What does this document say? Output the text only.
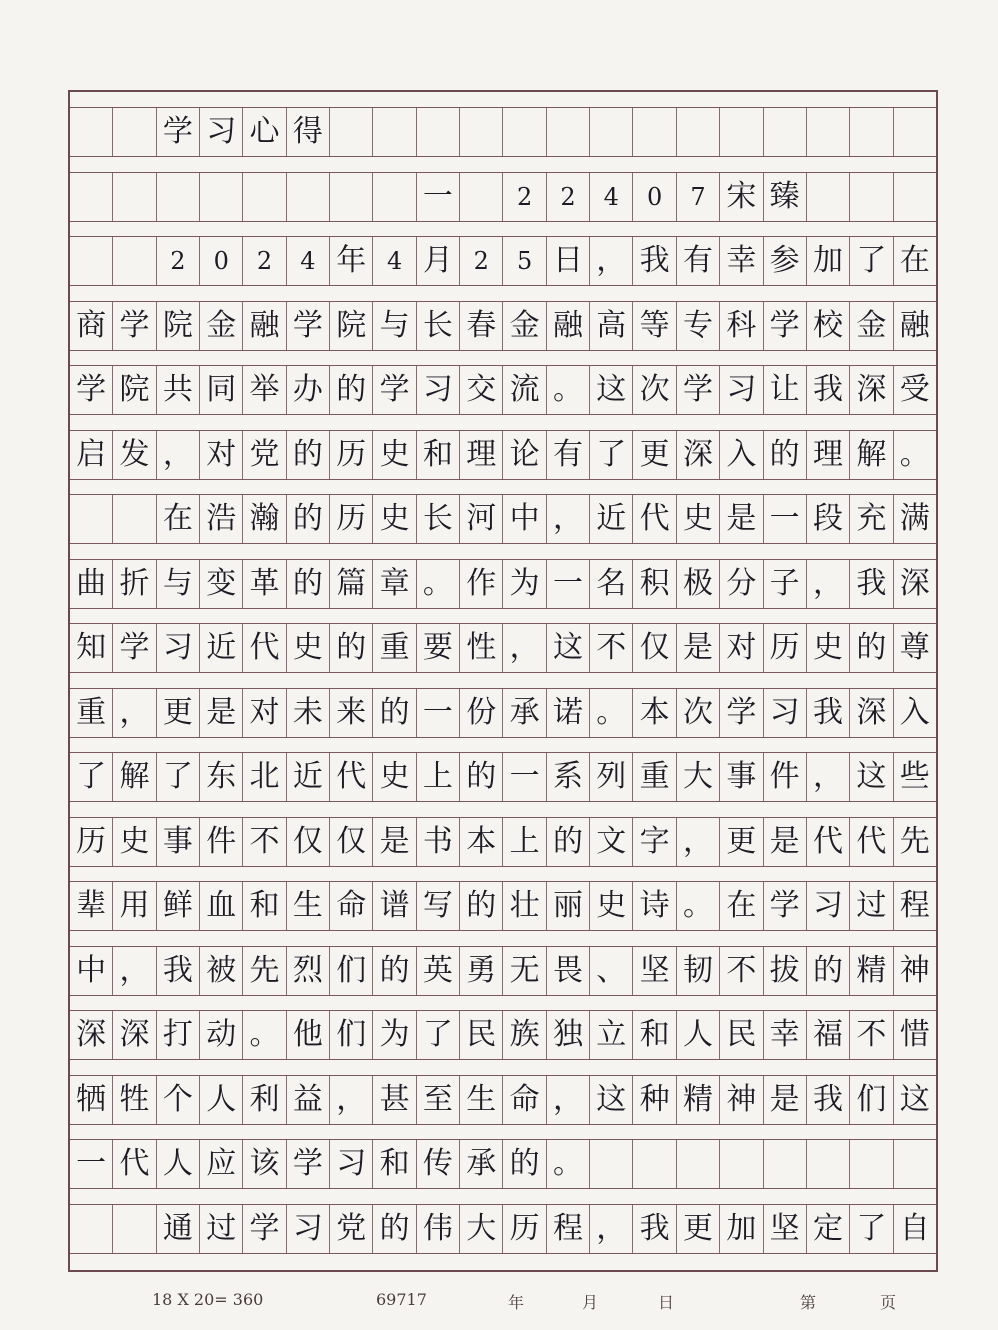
学 习 心 得
一	2	2	4	0	7 宋 臻
2	0	2	4 年 4 月 2	5 日 ， 我 有 幸 参 加 了 在
商 学 院 金 融 学 院 与 长 春 金 融 高 等 专 科 学 校 金 融
学 院 共 同 举 办 的 学 习 交 流 。 这 次 学 习 让 我 深 受
启 发 ， 对 党 的 历 史 和 理 论 有 了 更 深 入 的 理 解 。
在 浩 瀚 的 历 史 长 河 中 ， 近 代 史 是 一 段 充 满
曲 折 与 变 革 的 篇 章 。 作 为 一 名 积 极 分 子 ， 我 深
知 学 习 近 代 史 的 重 要 性 ， 这 不 仅 是 对 历 史 的 尊
重 ， 更 是 对 未 来 的 一 份 承 诺 。 本 次 学 习 我 深 入
了 解 了 东 北 近 代 史 上 的 一 系 列 重 大 事 件 ， 这 些
历 史 事 件 不 仅 仅 是 书 本 上 的 文 字 ， 更 是 代 代 先
辈 用 鲜 血 和 生 命 谱 写 的 壮 丽 史 诗 。 在 学 习 过 程
中 ， 我 被 先 烈 们 的 英 勇 无 畏 、 坚 韧 不 拔 的 精 神
深 深 打 动 。 他 们 为 了 民 族 独 立 和 人 民 幸 福 不 惜
牺 牲 个 人 利 益 ， 甚 至 生 命 ， 这 种 精 神 是 我 们 这
一 代 人 应 该 学 习 和 传 承 的 。
通 过 学 习 党 的 伟 大 历 程 ， 我 更 加 坚 定 了 自
18 X 20= 360	69717	年	月	日	第	页
